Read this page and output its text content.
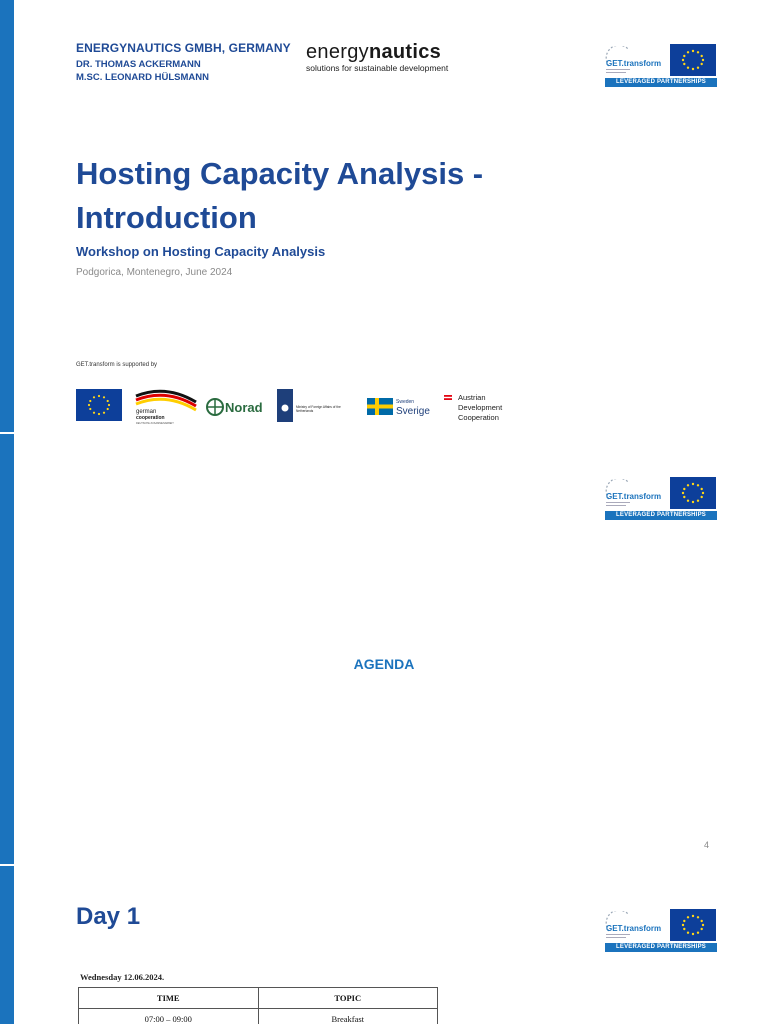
ENERGYNAUTICS GMBH, GERMANY
DR. THOMAS ACKERMANN
M.SC. LEONARD HÜLSMANN
energynautics
solutions for sustainable development	GET.transform
LEVERAGED PARTNERSHIPS
Hosting Capacity Analysis -
Introduction
Workshop on Hosting Capacity Analysis
Podgorica, Montenegro, June 2024
GET.transform is supported by
german
cooperation
DEUTSCHE ZUSAMMENARBEIT
Norad	Ministry of Foreign Affairs of the
Netherlands
Sweden
Sverige
Austrian
Development
Cooperation
GET.transform
LEVERAGED PARTNERSHIPS
AGENDA
4
Day 1	GET.transform
LEVERAGED PARTNERSHIPS
Wednesday 12.06.2024.
TIME	TOPIC
07:00 – 09:00	Breakfast
